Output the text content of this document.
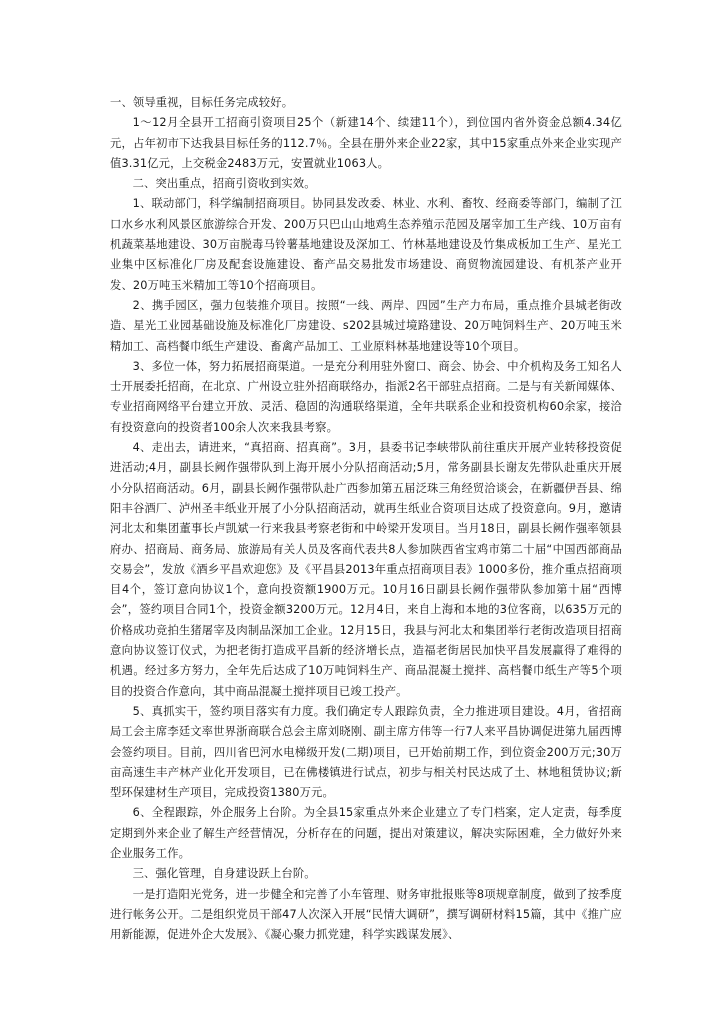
一、领导重视，目标任务完成较好。

1～12月全县开工招商引资项目25个（新建14个、续建11个），到位国内省外资金总额4.34亿元，占年初市下达我县目标任务的112.7％。全县在册外来企业22家，其中15家重点外来企业实现产值3.31亿元，上交税金2483万元，安置就业1063人。

二、突出重点，招商引资收到实效。

1、联动部门，科学编制招商项目。协同县发改委、林业、水利、畜牧、经商委等部门，编制了江口水乡水利风景区旅游综合开发、200万只巴山山地鸡生态养殖示范园及屠宰加工生产线、10万亩有机蔬菜基地建设、30万亩脱毒马铃薯基地建设及深加工、竹林基地建设及竹集成板加工生产、星光工业集中区标准化厂房及配套设施建设、畜产品交易批发市场建设、商贸物流园建设、有机茶产业开发、20万吨玉米精加工等10个招商项目。

2、携手园区，强力包装推介项目。按照“一线、两岸、四园”生产力布局，重点推介县城老街改造、星光工业园基础设施及标准化厂房建设、s202县城过境路建设、20万吨饲料生产、20万吨玉米精加工、高档餐巾纸生产建设、畜禽产品加工、工业原料林基地建设等10个项目。

3、多位一体，努力拓展招商渠道。一是充分利用驻外窗口、商会、协会、中介机构及务工知名人士开展委托招商，在北京、广州设立驻外招商联络办，指派2名干部驻点招商。二是与有关新闻媒体、专业招商网络平台建立开放、灵活、稳固的沟通联络渠道，全年共联系企业和投资机构60余家，接洽有投资意向的投资者100余人次来我县考察。

4、走出去，请进来，“真招商、招真商”。3月，县委书记李峡带队前往重庆开展产业转移投资促进活动;4月，副县长阙作强带队到上海开展小分队招商活动;5月，常务副县长谢友先带队赴重庆开展小分队招商活动。6月，副县长阙作强带队赴广西参加第五届泛珠三角经贸洽谈会，在新疆伊吾县、绵阳丰谷酒厂、泸州圣丰纸业开展了小分队招商活动，就再生纸业合资项目达成了投资意向。9月，邀请河北太和集团董事长卢凯斌一行来我县考察老街和中岭梁开发项目。当月18日，副县长阙作强率领县府办、招商局、商务局、旅游局有关人员及客商代表共8人参加陕西省宝鸡市第二十届“中国西部商品交易会”，发放《酒乡平昌欢迎您》及《平昌县2013年重点招商项目表》1000多份，推介重点招商项目4个，签订意向协议1个，意向投资额1900万元。10月16日副县长阙作强带队参加第十届“西博会”，签约项目合同1个，投资金额3200万元。12月4日，来自上海和本地的3位客商，以635万元的价格成功竞拍生猪屠宰及肉制品深加工企业。12月15日，我县与河北太和集团举行老街改造项目招商意向协议签订仪式，为把老街打造成平昌新的经济增长点，造福老街居民加快平昌发展赢得了难得的机遇。经过多方努力，全年先后达成了10万吨饲料生产、商品混凝土搅拌、高档餐巾纸生产等5个项目的投资合作意向，其中商品混凝土搅拌项目已竣工投产。

5、真抓实干，签约项目落实有力度。我们确定专人跟踪负责，全力推进项目建设。4月，省招商局工会主席李廷文率世界浙商联合总会主席刘晓刚、副主席方伟等一行7人来平昌协调促进第九届西博会签约项目。目前，四川省巴河水电梯级开发(二期)项目，已开始前期工作，到位资金200万元;30万亩高速生丰产林产业化开发项目，已在佛楼镇进行试点，初步与相关村民达成了土、林地租赁协议;新型环保建材生产项目，完成投资1380万元。

6、全程跟踪，外企服务上台阶。为全县15家重点外来企业建立了专门档案，定人定责，每季度定期到外来企业了解生产经营情况，分析存在的问题，提出对策建议，解决实际困难，全力做好外来企业服务工作。

三、强化管理，自身建设跃上台阶。

一是打造阳光党务，进一步健全和完善了小车管理、财务审批报账等8项规章制度，做到了按季度进行帐务公开。二是组织党员干部47人次深入开展“民情大调研”，撰写调研材料15篇，其中《推广应用新能源，促进外企大发展》、《凝心聚力抓党建，科学实践谋发展》、
